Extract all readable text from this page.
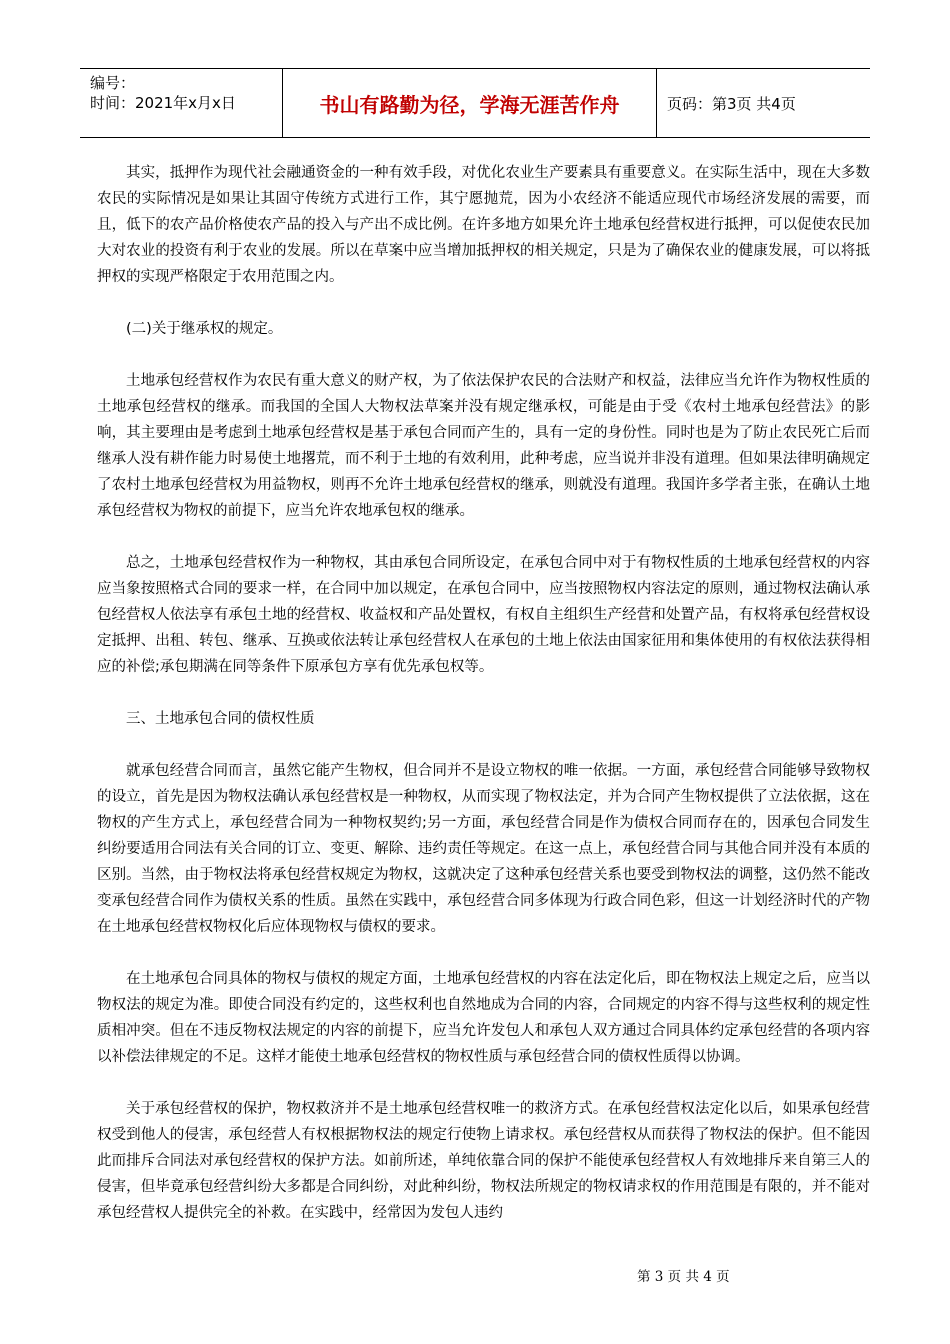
编号：
时间：2021年x月x日	书山有路勤为径，学海无涯苦作舟	页码：第3页 共4页

其实，抵押作为现代社会融通资金的一种有效手段，对优化农业生产要素具有重要意义。在实际生活中，现在大多数农民的实际情况是如果让其固守传统方式进行工作，其宁愿抛荒，因为小农经济不能适应现代市场经济发展的需要，而且，低下的农产品价格使农产品的投入与产出不成比例。在许多地方如果允许土地承包经营权进行抵押，可以促使农民加大对农业的投资有利于农业的发展。所以在草案中应当增加抵押权的相关规定，只是为了确保农业的健康发展，可以将抵押权的实现严格限定于农用范围之内。

(二)关于继承权的规定。

土地承包经营权作为农民有重大意义的财产权，为了依法保护农民的合法财产和权益，法律应当允许作为物权性质的土地承包经营权的继承。而我国的全国人大物权法草案并没有规定继承权，可能是由于受《农村土地承包经营法》的影响，其主要理由是考虑到土地承包经营权是基于承包合同而产生的，具有一定的身份性。同时也是为了防止农民死亡后而继承人没有耕作能力时易使土地撂荒，而不利于土地的有效利用，此种考虑，应当说并非没有道理。但如果法律明确规定了农村土地承包经营权为用益物权，则再不允许土地承包经营权的继承，则就没有道理。我国许多学者主张，在确认土地承包经营权为物权的前提下，应当允许农地承包权的继承。

总之，土地承包经营权作为一种物权，其由承包合同所设定，在承包合同中对于有物权性质的土地承包经营权的内容应当象按照格式合同的要求一样，在合同中加以规定，在承包合同中，应当按照物权内容法定的原则，通过物权法确认承包经营权人依法享有承包土地的经营权、收益权和产品处置权，有权自主组织生产经营和处置产品，有权将承包经营权设定抵押、出租、转包、继承、互换或依法转让承包经营权人在承包的土地上依法由国家征用和集体使用的有权依法获得相应的补偿;承包期满在同等条件下原承包方享有优先承包权等。

三、土地承包合同的债权性质

就承包经营合同而言，虽然它能产生物权，但合同并不是设立物权的唯一依据。一方面，承包经营合同能够导致物权的设立，首先是因为物权法确认承包经营权是一种物权，从而实现了物权法定，并为合同产生物权提供了立法依据，这在物权的产生方式上，承包经营合同为一种物权契约;另一方面，承包经营合同是作为债权合同而存在的，因承包合同发生纠纷要适用合同法有关合同的订立、变更、解除、违约责任等规定。在这一点上，承包经营合同与其他合同并没有本质的区别。当然，由于物权法将承包经营权规定为物权，这就决定了这种承包经营关系也要受到物权法的调整，这仍然不能改变承包经营合同作为债权关系的性质。虽然在实践中，承包经营合同多体现为行政合同色彩，但这一计划经济时代的产物在土地承包经营权物权化后应体现物权与债权的要求。

在土地承包合同具体的物权与债权的规定方面，土地承包经营权的内容在法定化后，即在物权法上规定之后，应当以物权法的规定为准。即使合同没有约定的，这些权利也自然地成为合同的内容，合同规定的内容不得与这些权利的规定性质相冲突。但在不违反物权法规定的内容的前提下，应当允许发包人和承包人双方通过合同具体约定承包经营的各项内容以补偿法律规定的不足。这样才能使土地承包经营权的物权性质与承包经营合同的债权性质得以协调。

关于承包经营权的保护，物权救济并不是土地承包经营权唯一的救济方式。在承包经营权法定化以后，如果承包经营权受到他人的侵害，承包经营人有权根据物权法的规定行使物上请求权。承包经营权从而获得了物权法的保护。但不能因此而排斥合同法对承包经营权的保护方法。如前所述，单纯依靠合同的保护不能使承包经营权人有效地排斥来自第三人的侵害，但毕竟承包经营纠纷大多都是合同纠纷，对此种纠纷，物权法所规定的物权请求权的作用范围是有限的，并不能对承包经营权人提供完全的补救。在实践中，经常因为发包人违约

第 3 页 共 4 页
